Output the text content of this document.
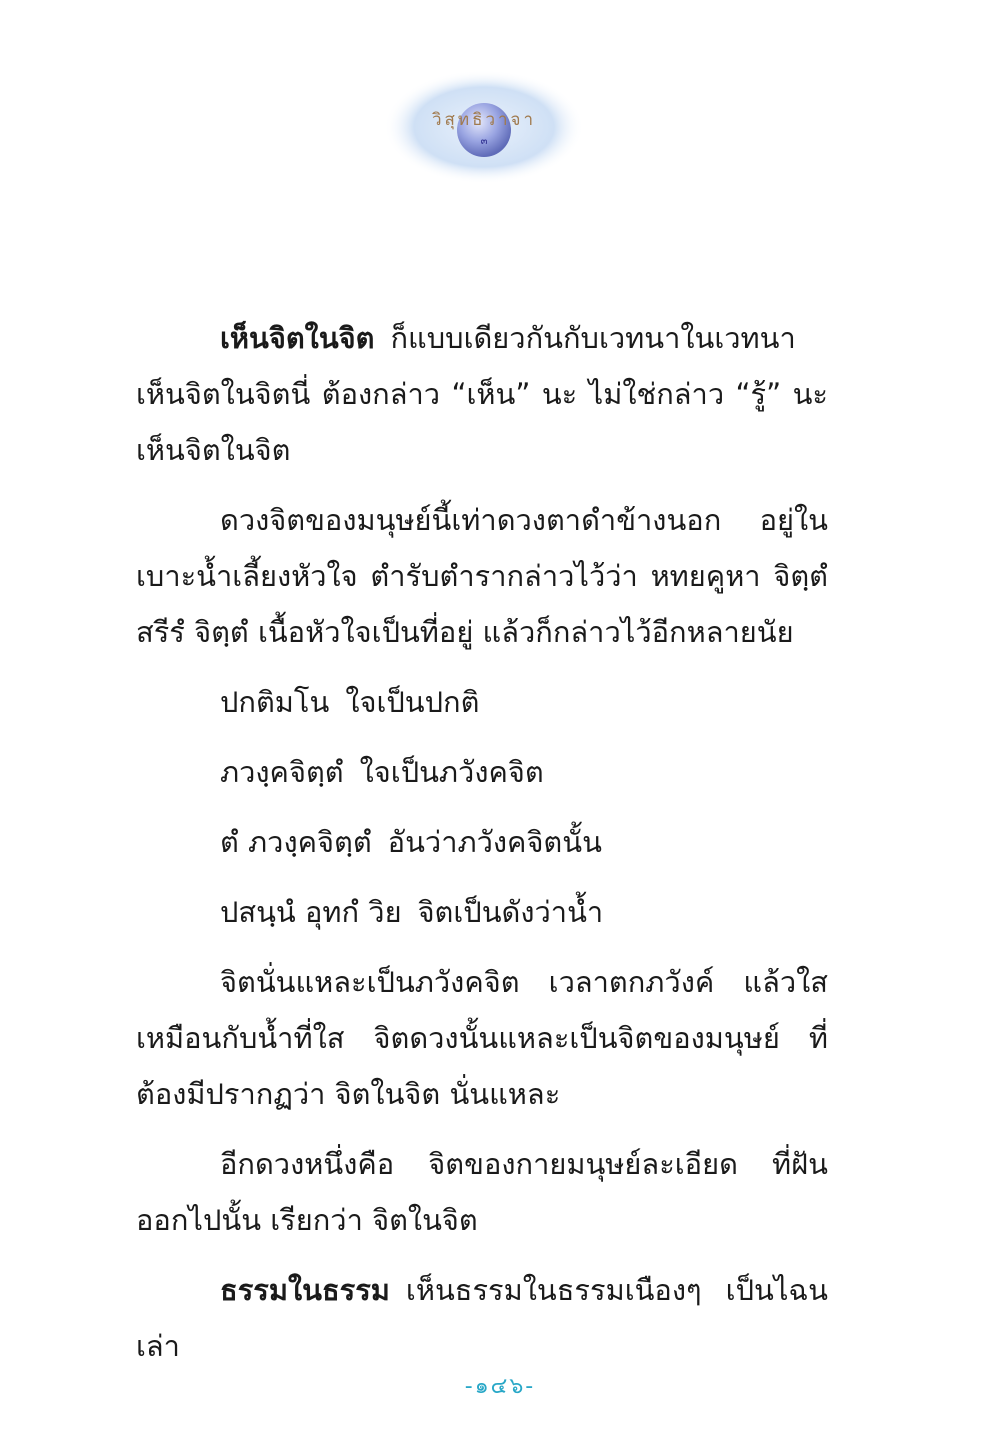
วิสุทธิวาจา
๓

เห็นจิตในจิต ก็แบบเดียวกันกับเวทนาในเวทนา เห็นจิตในจิตนี่ ต้องกล่าว “เห็น” นะ ไม่ใช่กล่าว “รู้” นะ เห็นจิตในจิต

ดวงจิตของมนุษย์นี้เท่าดวงตาดำข้างนอก อยู่ในเบาะน้ำเลี้ยงหัวใจ ตำรับตำรากล่าวไว้ว่า หทยคูหา จิตฺตํ สรีรํ จิตฺตํ เนื้อหัวใจเป็นที่อยู่ แล้วก็กล่าวไว้อีกหลายนัย

ปกติมโน ใจเป็นปกติ

ภวงฺคจิตฺตํ ใจเป็นภวังคจิต

ตํ ภวงฺคจิตฺตํ อันว่าภวังคจิตนั้น

ปสนฺนํ อุทกํ วิย จิตเป็นดังว่าน้ำ

จิตนั่นแหละเป็นภวังคจิต เวลาตกภวังค์ แล้วใสเหมือนกับน้ำที่ใส จิตดวงนั้นแหละเป็นจิตของมนุษย์ ที่ต้องมีปรากฏว่า จิตในจิต นั่นแหละ

อีกดวงหนึ่งคือ จิตของกายมนุษย์ละเอียด ที่ฝันออกไปนั้น เรียกว่า จิตในจิต

ธรรมในธรรม เห็นธรรมในธรรมเนืองๆ เป็นไฉนเล่า

-๑๔๖-
